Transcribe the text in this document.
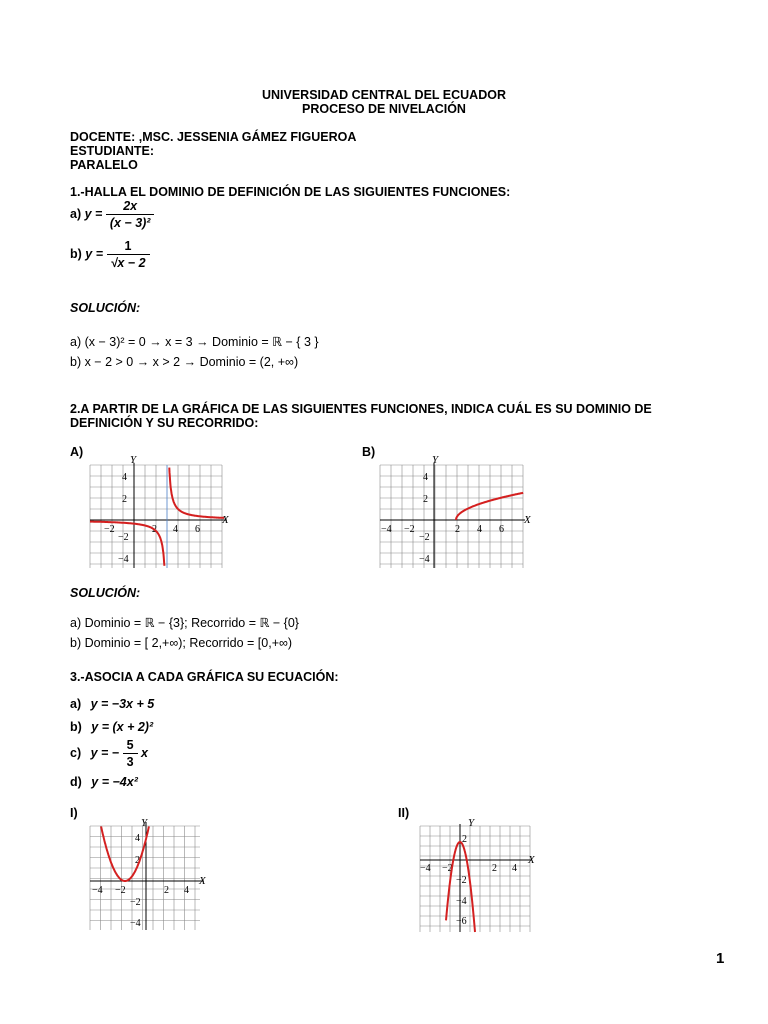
UNIVERSIDAD CENTRAL DEL ECUADOR
PROCESO DE NIVELACIÓN
DOCENTE: ,MSC. JESSENIA GÁMEZ FIGUEROA
ESTUDIANTE:
PARALELO
1.-HALLA EL DOMINIO DE DEFINICIÓN DE LAS SIGUIENTES FUNCIONES:
a) $y = \frac{2x}{\text{(x − 3)²}}$
b) $y = \frac{1}{√x - 2}$
SOLUCIÓN:
a) (x − 3)² = 0 → x = 3 → Dominio = ℝ − { 3 }
b) x − 2 > 0 → x > 2 → Dominio = (2, +∞)
2.A PARTIR DE LA GRÁFICA DE LAS SIGUIENTES FUNCIONES, INDICA CUÁL ES SU DOMINIO DE
DEFINICIÓN Y SU RECORRIDO:
A)	B)
X
Y
−2	2 4 6
4
2
−2
−4
X
Y
−4 −2	2 4 6
4
2
−2
−4
SOLUCIÓN:
a) Dominio = ℝ − {3}; Recorrido = ℝ − {0}
b) Dominio = [ 2,+∞); Recorrido = [0,+∞)
3.-ASOCIA A CADA GRÁFICA SU ECUACIÓN:
a) y = −3x + 5
b) y = (x + 2)²
c) y = − $\frac{5}{3}$ x
d) y = −4x²
I)	II)
X
Y
−4 −2	2 4
4
2
−2
−4
X
Y
−4 −2	2 4
2
−2
−4
−6
1
